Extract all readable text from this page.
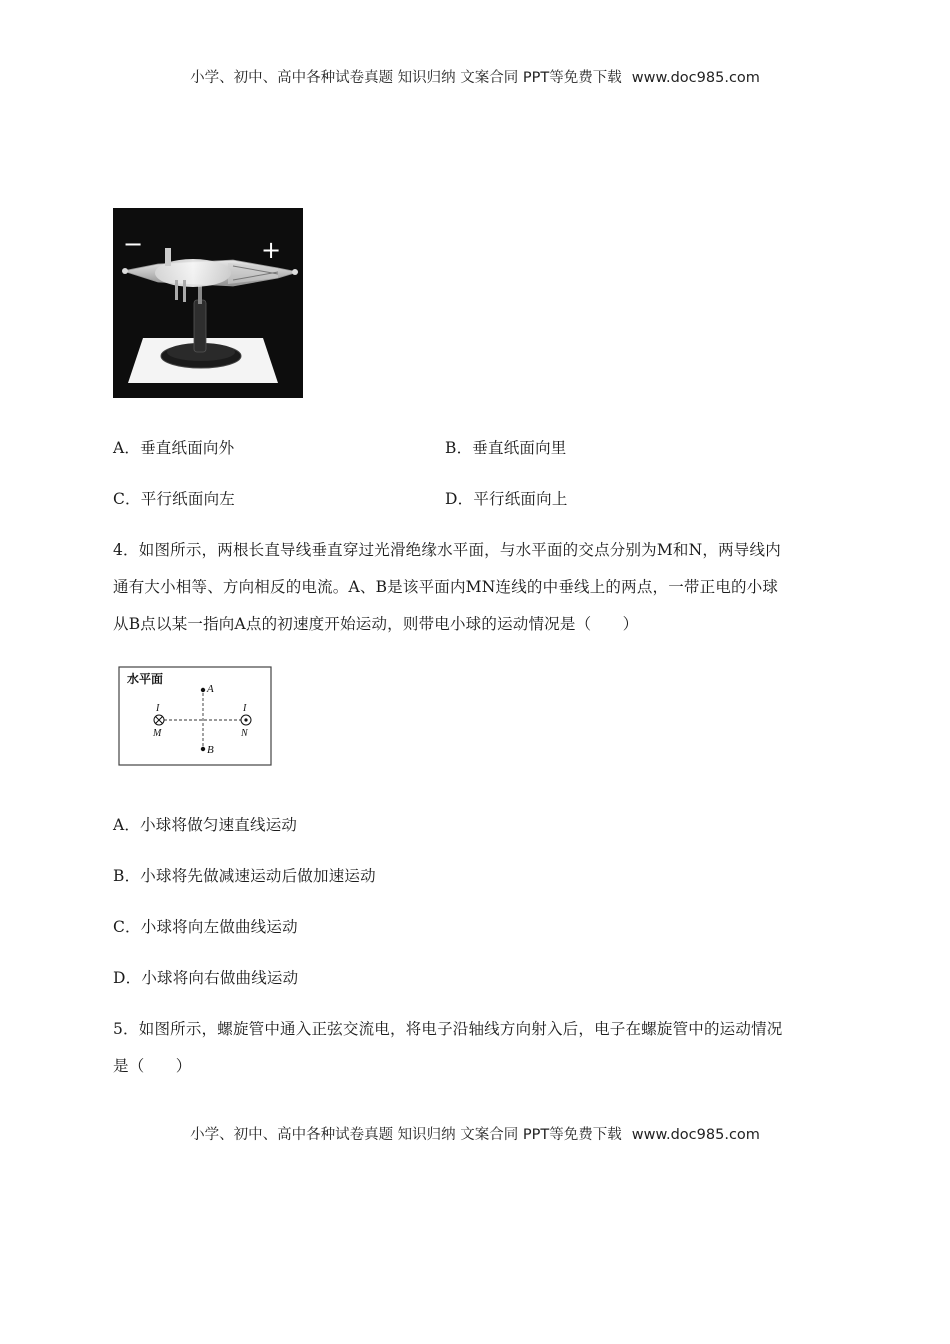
小学、初中、高中各种试卷真题 知识归纳 文案合同 PPT等免费下载 www.doc985.com
−	+
A．垂直纸面向外	B．垂直纸面向里
C．平行纸面向左	D．平行纸面向上
4．如图所示，两根长直导线垂直穿过光滑绝缘水平面，与水平面的交点分别为M和N，两导线内
通有大小相等、方向相反的电流。A、B是该平面内MN连线的中垂线上的两点，一带正电的小球
从B点以某一指向A点的初速度开始运动，则带电小球的运动情况是（　　）
水平面
A
B
I
M
I
N
A．小球将做匀速直线运动
B．小球将先做减速运动后做加速运动
C．小球将向左做曲线运动
D．小球将向右做曲线运动
5．如图所示，螺旋管中通入正弦交流电，将电子沿轴线方向射入后，电子在螺旋管中的运动情况
是（　　）
小学、初中、高中各种试卷真题 知识归纳 文案合同 PPT等免费下载 www.doc985.com
